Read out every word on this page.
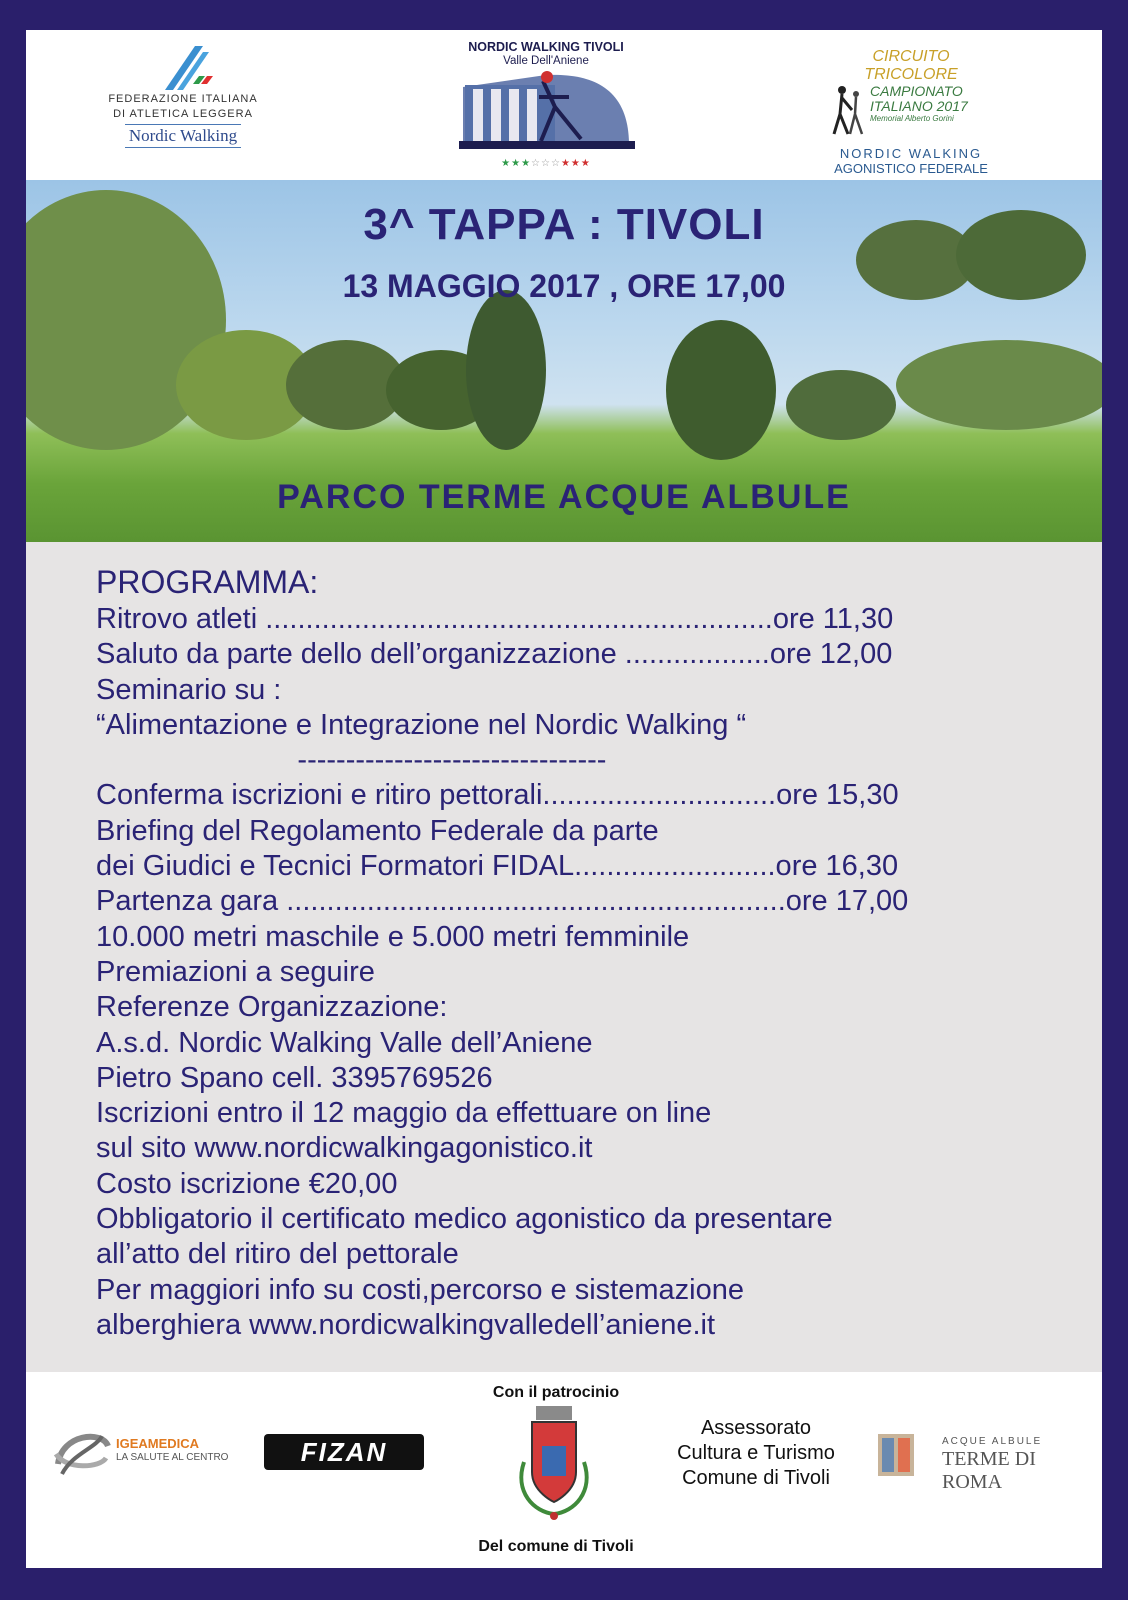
FEDERAZIONE ITALIANA
DI ATLETICA LEGGERA
Nordic Walking
NORDIC WALKING TIVOLI
Valle Dell'Aniene
★★★☆☆☆★★★
CIRCUITO TRICOLORE
CAMPIONATO
ITALIANO 2017
Memorial Alberto Gorini
NORDIC WALKING
AGONISTICO FEDERALE
3^ TAPPA : TIVOLI
13 MAGGIO 2017 , ORE 17,00
PARCO TERME ACQUE ALBULE
PROGRAMMA:
Ritrovo atleti ...............................................................ore 11,30
Saluto da parte dello dell’organizzazione ..................ore 12,00
Seminario su :
“Alimentazione e Integrazione nel Nordic Walking “
--------------------------------
Conferma iscrizioni e ritiro pettorali.............................ore 15,30
Briefing del Regolamento Federale da parte
dei Giudici e Tecnici Formatori FIDAL.........................ore 16,30
Partenza gara ..............................................................ore 17,00
10.000 metri maschile e 5.000 metri femminile
Premiazioni a seguire
Referenze Organizzazione:
A.s.d. Nordic Walking Valle dell’Aniene
Pietro Spano cell. 3395769526
Iscrizioni entro il 12 maggio da effettuare on line
sul sito www.nordicwalkingagonistico.it
Costo iscrizione €20,00
Obbligatorio il certificato medico agonistico da presentare
all’atto del ritiro del pettorale
Per maggiori info su costi,percorso e sistemazione
alberghiera www.nordicwalkingvalledell’aniene.it
IGEAMEDICA
LA SALUTE AL CENTRO	FIZAN
Con il patrocinio
Del comune di Tivoli
Assessorato
Cultura e Turismo
Comune di Tivoli
ACQUE ALBULE
TERME DI ROMA
